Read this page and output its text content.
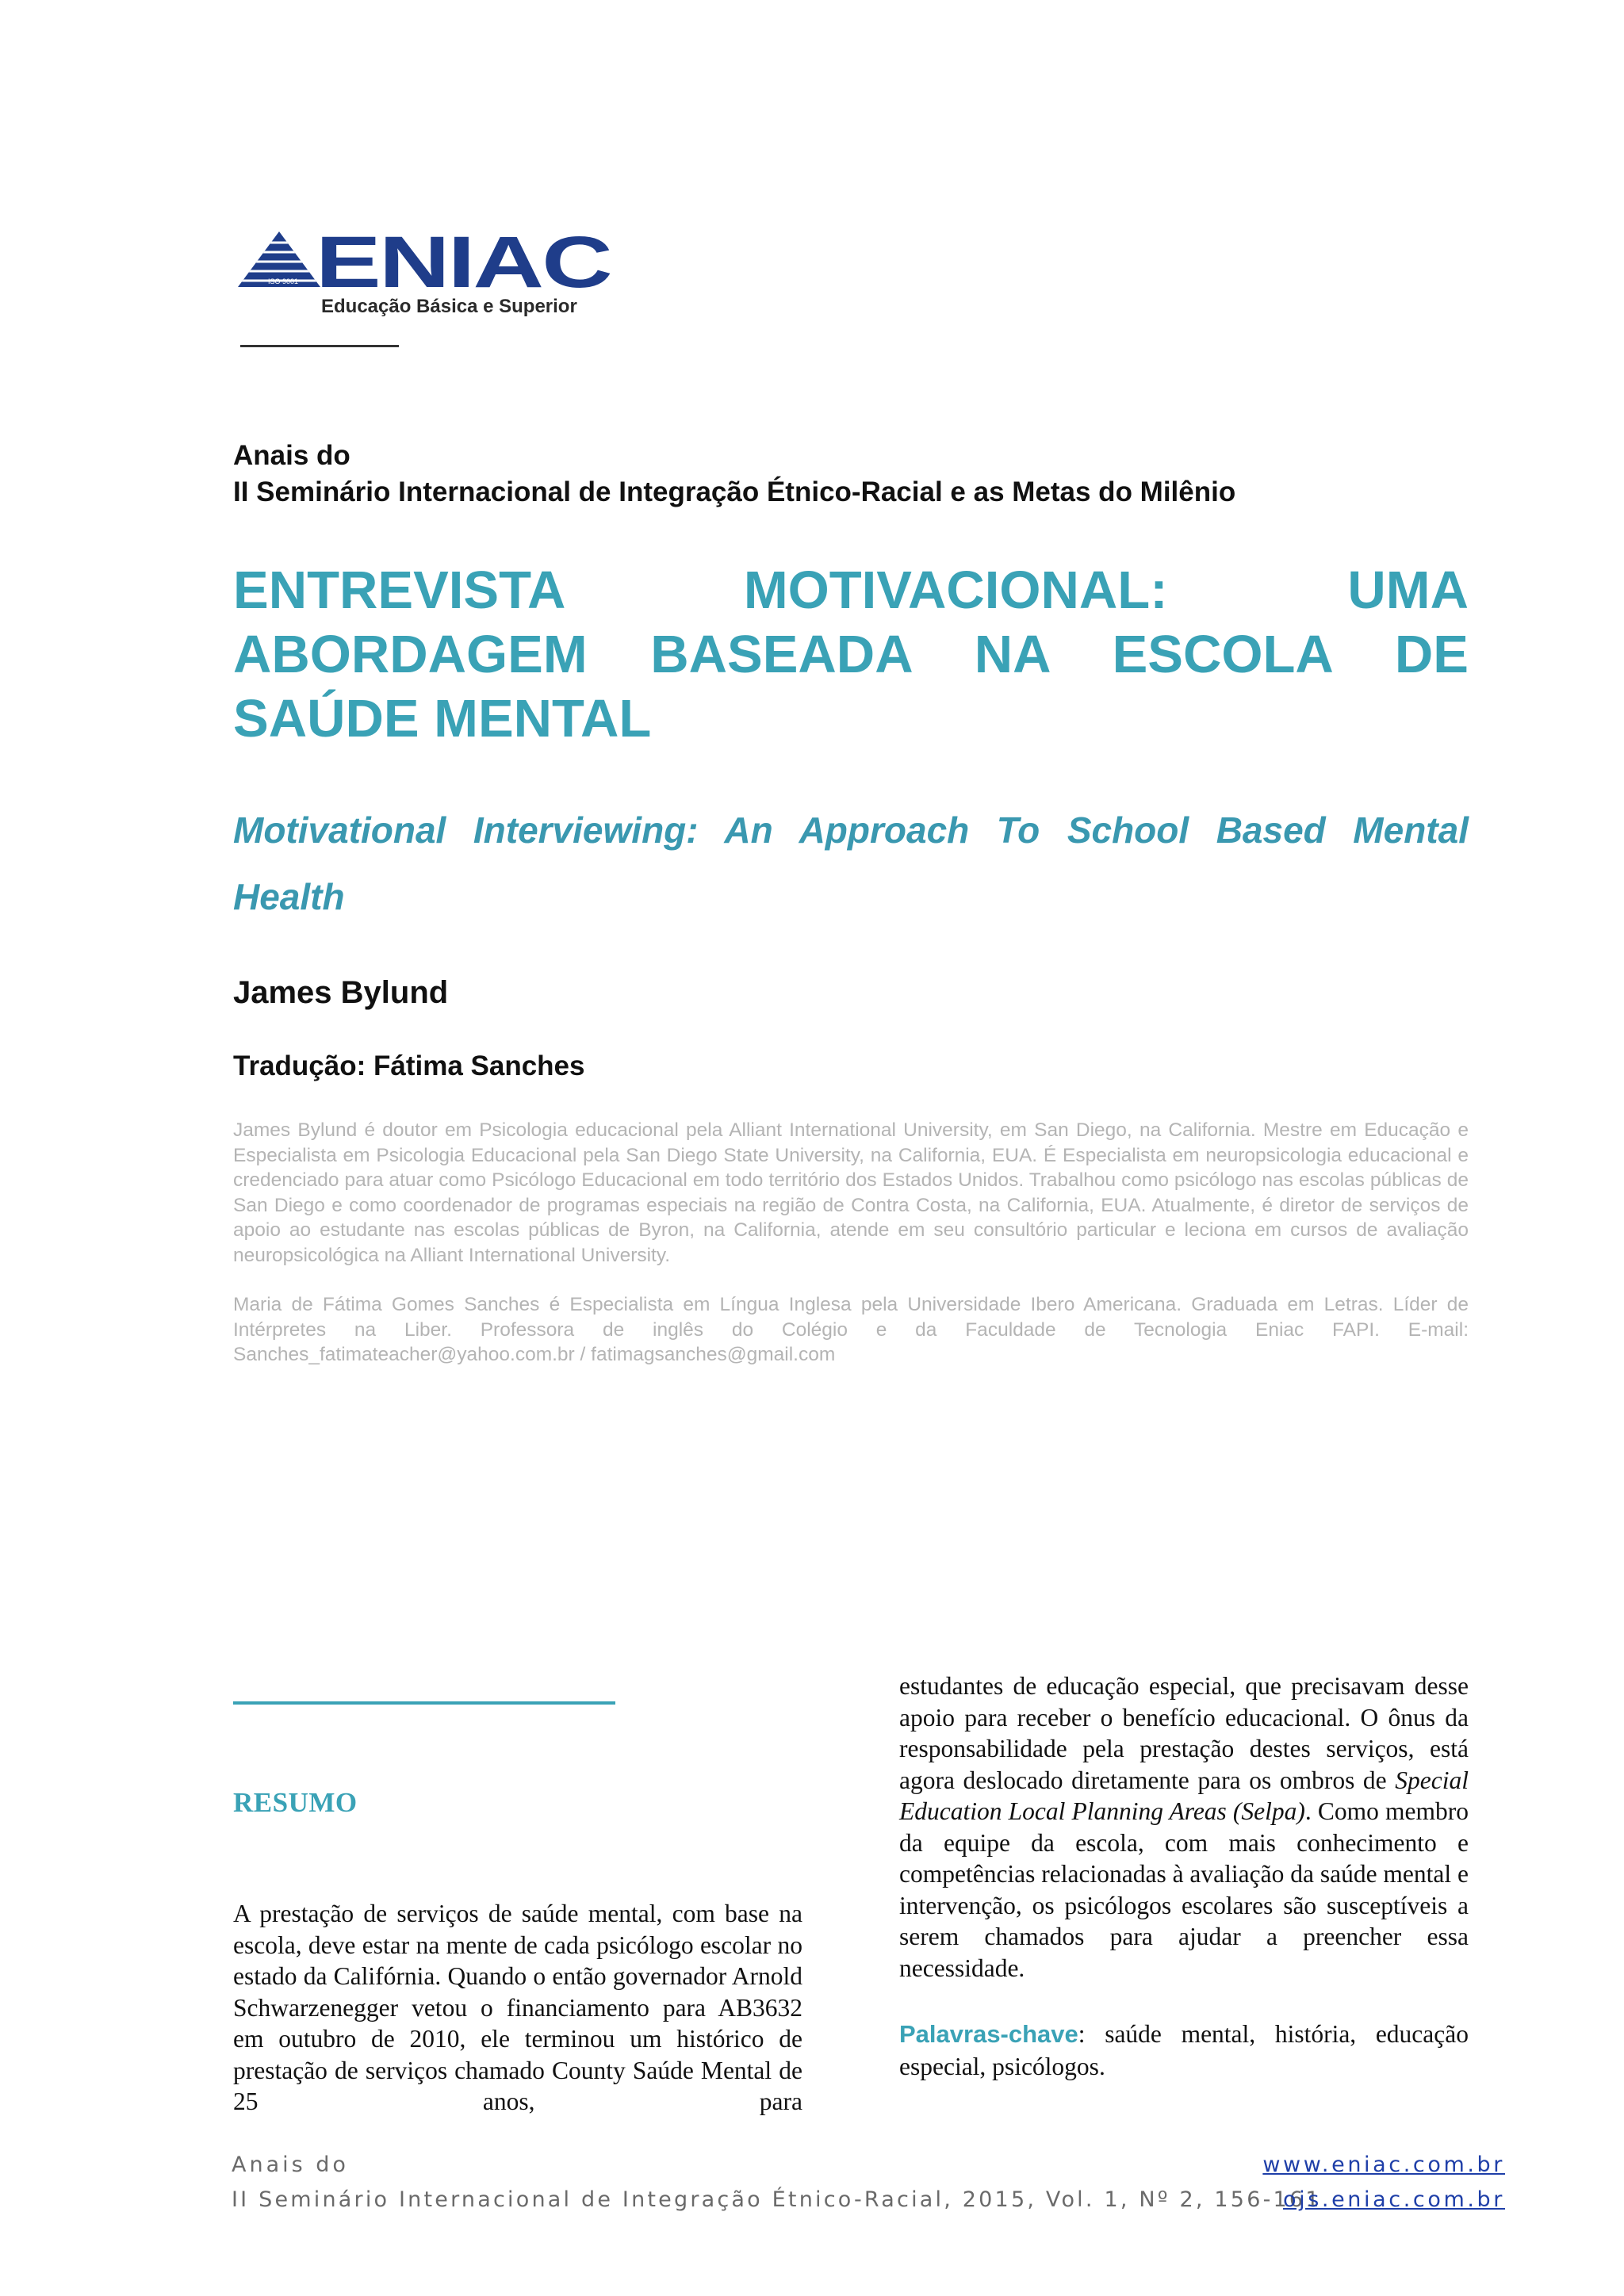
ISO 9001 ENIAC
Educação Básica e Superior
Anais do
II Seminário Internacional de Integração Étnico-Racial e as Metas do Milênio
ENTREVISTA MOTIVACIONAL: UMA ABORDAGEM BASEADA NA ESCOLA DE SAÚDE MENTAL
Motivational Interviewing: An Approach To School Based Mental Health
James Bylund
Tradução: Fátima Sanches
James Bylund é doutor em Psicologia educacional pela Alliant International University, em San Diego, na California. Mestre em Educação e Especialista em Psicologia Educacional pela San Diego State University, na California, EUA. É Especialista em neuropsicologia educacional e credenciado para atuar como Psicólogo Educacional em todo território dos Estados Unidos. Trabalhou como psicólogo nas escolas públicas de San Diego e como coordenador de programas especiais na região de Contra Costa, na California, EUA. Atualmente, é diretor de serviços de apoio ao estudante nas escolas públicas de Byron, na California, atende em seu consultório particular e leciona em cursos de avaliação neuropsicológica na Alliant International University.
Maria de Fátima Gomes Sanches é Especialista em Língua Inglesa pela Universidade Ibero Americana. Graduada em Letras. Líder de Intérpretes na Liber. Professora de inglês do Colégio e da Faculdade de Tecnologia Eniac FAPI. E-mail: Sanches_fatimateacher@yahoo.com.br / fatimagsanches@gmail.com
RESUMO
A prestação de serviços de saúde mental, com base na escola, deve estar na mente de cada psicólogo escolar no estado da Califórnia. Quando o então governador Arnold Schwarzenegger vetou o financiamento para AB3632 em outubro de 2010, ele terminou um histórico de prestação de serviços chamado County Saúde Mental de 25 anos, para
estudantes de educação especial, que precisavam desse apoio para receber o benefício educacional. O ônus da responsabilidade pela prestação destes serviços, está agora deslocado diretamente para os ombros de Special Education Local Planning Areas (Selpa). Como membro da equipe da escola, com mais conhecimento e competências relacionadas à avaliação da saúde mental e intervenção, os psicólogos escolares são susceptíveis a serem chamados para ajudar a preencher essa necessidade.
Palavras-chave: saúde mental, história, educação especial, psicólogos.
Anais do
II Seminário Internacional de Integração Étnico-Racial, 2015, Vol. 1, Nº 2, 156-161
www.eniac.com.br
ojs.eniac.com.br
